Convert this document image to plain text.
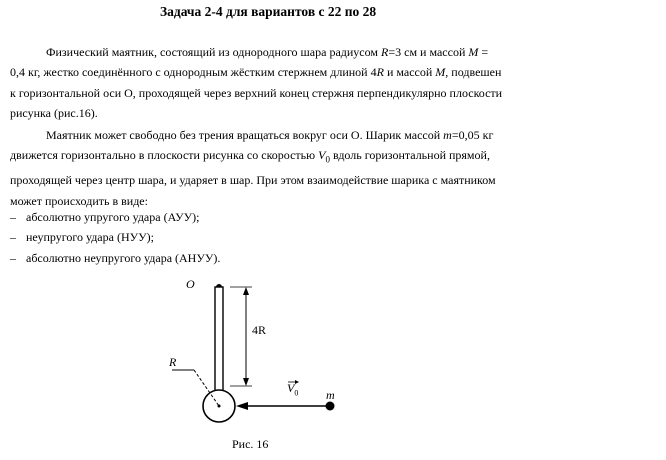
Задача 2-4 для вариантов с 22 по 28
Физический маятник, состоящий из однородного шара радиусом R=3 см и массой M =
0,4 кг, жестко соединённого с однородным жёстким стержнем длиной 4R и массой M, подвешен
к горизонтальной оси О, проходящей через верхний конец стержня перпендикулярно плоскости
рисунка (рис.16).
Маятник может свободно без трения вращаться вокруг оси О. Шарик массой m=0,05 кг
движется горизонтально в плоскости рисунка со скоростью $V_0$ вдоль горизонтальной прямой,
проходящей через центр шара, и ударяет в шар. При этом взаимодействие шарика с маятником
может происходить в виде:
– абсолютно упругого удара (АУУ);
– неупругого удара (НУУ);
– абсолютно неупругого удара (АНУУ).
O
4R
R
$V_0$ m
Рис. 16
